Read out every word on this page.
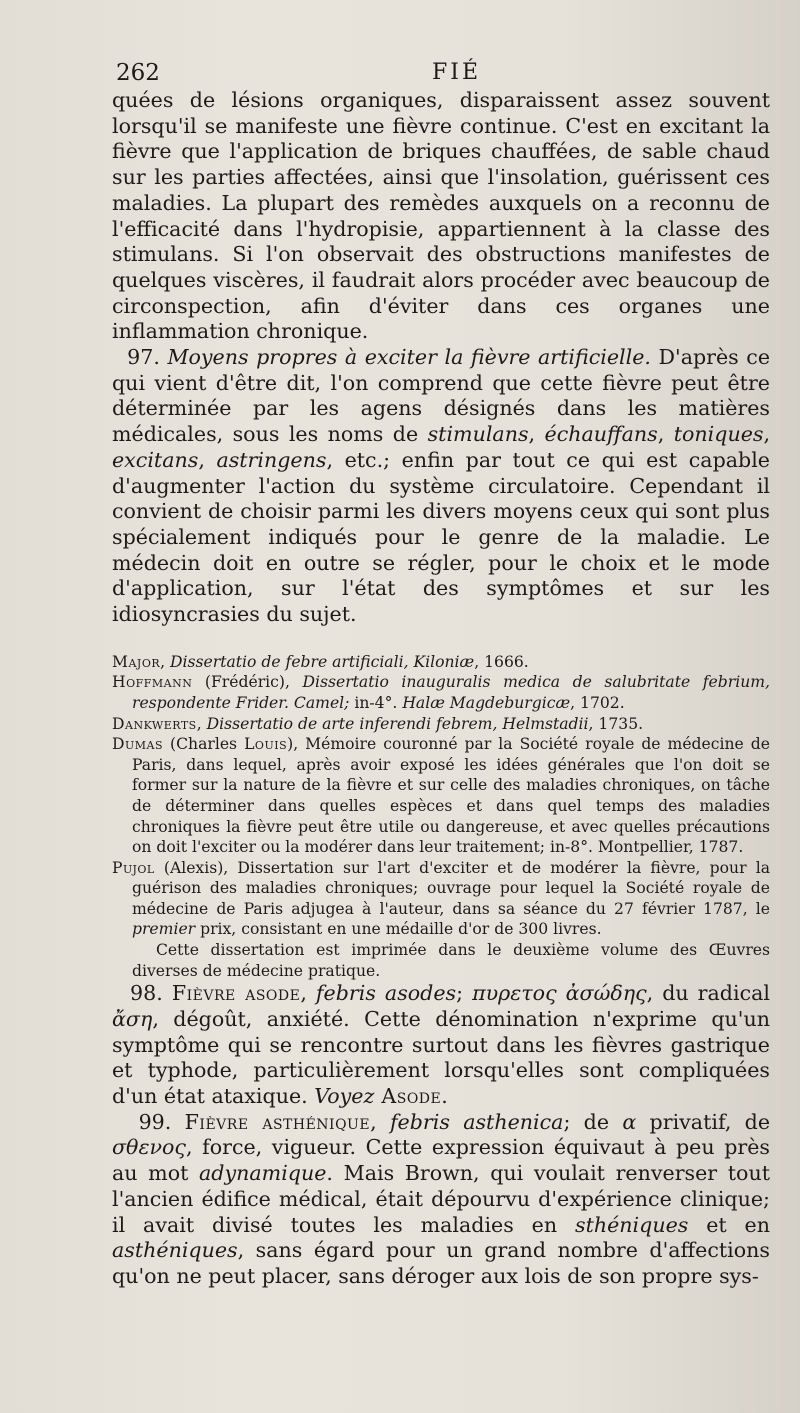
262	FIÉ

quées de lésions organiques, disparaissent assez souvent lorsqu'il se manifeste une fièvre continue. C'est en excitant la fièvre que l'application de briques chauffées, de sable chaud sur les parties affectées, ainsi que l'insolation, guérissent ces maladies. La plupart des remèdes auxquels on a reconnu de l'efficacité dans l'hydropisie, appartiennent à la classe des stimulans. Si l'on observait des obstructions manifestes de quelques viscères, il faudrait alors procéder avec beaucoup de circonspection, afin d'éviter dans ces organes une inflammation chronique.

97. Moyens propres à exciter la fièvre artificielle. D'après ce qui vient d'être dit, l'on comprend que cette fièvre peut être déterminée par les agens désignés dans les matières médicales, sous les noms de stimulans, échauffans, toniques, excitans, astringens, etc.; enfin par tout ce qui est capable d'augmenter l'action du système circulatoire. Cependant il convient de choisir parmi les divers moyens ceux qui sont plus spécialement indiqués pour le genre de la maladie. Le médecin doit en outre se régler, pour le choix et le mode d'application, sur l'état des symptômes et sur les idiosyncrasies du sujet.

Major, Dissertatio de febre artificiali, Kiloniæ, 1666.

Hoffmann (Frédéric), Dissertatio inauguralis medica de salubritate febrium, respondente Frider. Camel; in-4°. Halæ Magdeburgicæ, 1702.

Dankwerts, Dissertatio de arte inferendi febrem, Helmstadii, 1735.

Dumas (Charles Louis), Mémoire couronné par la Société royale de médecine de Paris, dans lequel, après avoir exposé les idées générales que l'on doit se former sur la nature de la fièvre et sur celle des maladies chroniques, on tâche de déterminer dans quelles espèces et dans quel temps des maladies chroniques la fièvre peut être utile ou dangereuse, et avec quelles précautions on doit l'exciter ou la modérer dans leur traitement; in-8°. Montpellier, 1787.

Pujol (Alexis), Dissertation sur l'art d'exciter et de modérer la fièvre, pour la guérison des maladies chroniques; ouvrage pour lequel la Société royale de médecine de Paris adjugea à l'auteur, dans sa séance du 27 février 1787, le premier prix, consistant en une médaille d'or de 300 livres.

Cette dissertation est imprimée dans le deuxième volume des Œuvres diverses de médecine pratique.

98. Fièvre asode, febris asodes; πυρετος ἀσώδης, du radical ἄση, dégoût, anxiété. Cette dénomination n'exprime qu'un symptôme qui se rencontre surtout dans les fièvres gastrique et typhode, particulièrement lorsqu'elles sont compliquées d'un état ataxique. Voyez Asode.

99. Fièvre asthénique, febris asthenica; de α privatif, de σθενος, force, vigueur. Cette expression équivaut à peu près au mot adynamique. Mais Brown, qui voulait renverser tout l'ancien édifice médical, était dépourvu d'expérience clinique; il avait divisé toutes les maladies en sthéniques et en asthéniques, sans égard pour un grand nombre d'affections qu'on ne peut placer, sans déroger aux lois de son propre sys-
